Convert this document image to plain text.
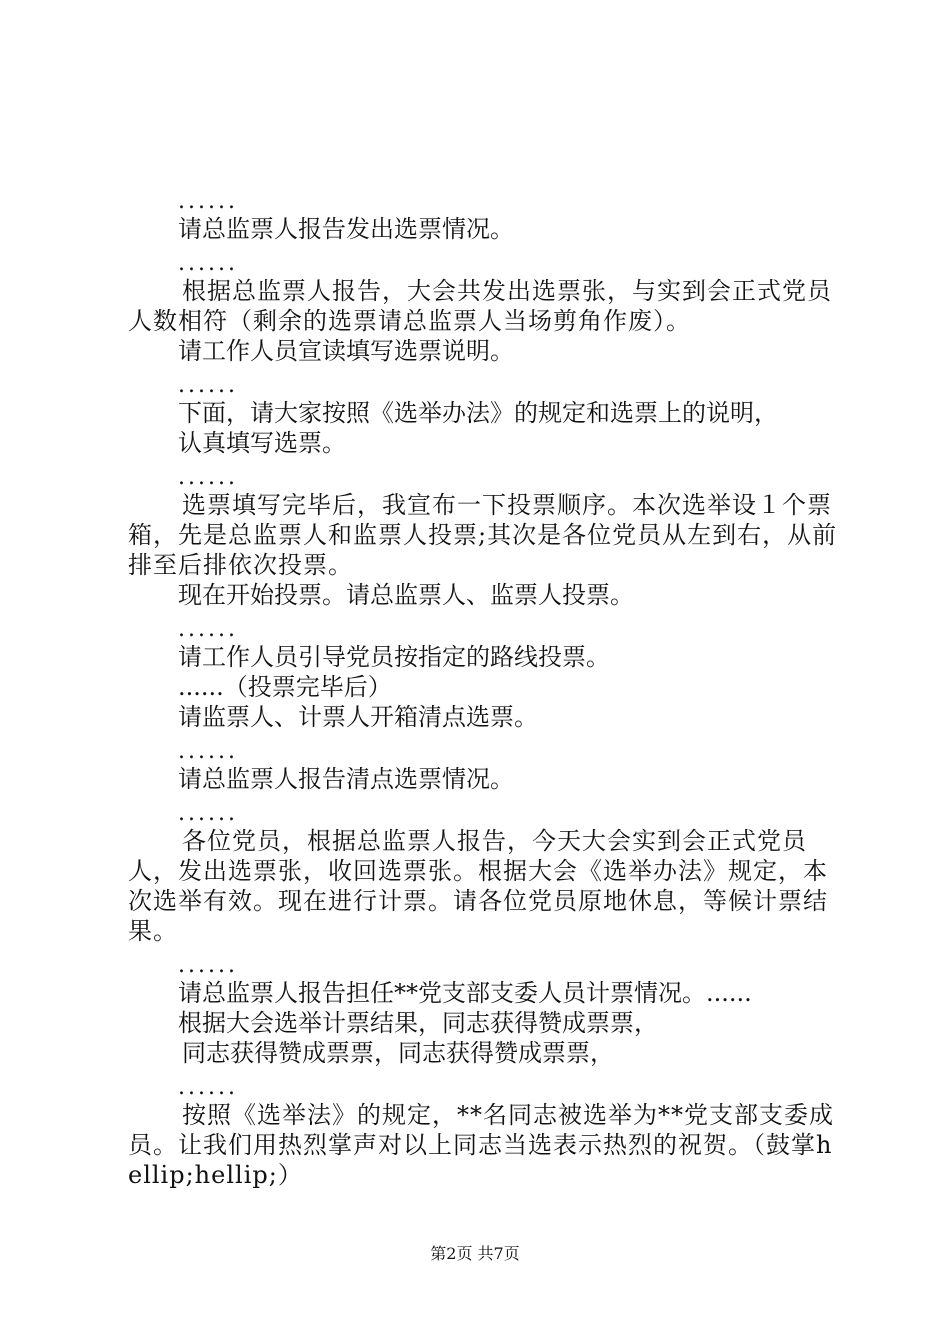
......

请总监票人报告发出选票情况。

......

根据总监票人报告，大会共发出选票张，与实到会正式党员人数相符（剩余的选票请总监票人当场剪角作废）。

请工作人员宣读填写选票说明。

......

下面，请大家按照《选举办法》的规定和选票上的说明，

认真填写选票。

......

选票填写完毕后，我宣布一下投票顺序。本次选举设１个票箱，先是总监票人和监票人投票;其次是各位党员从左到右，从前排至后排依次投票。

现在开始投票。请总监票人、监票人投票。

......

请工作人员引导党员按指定的路线投票。

......（投票完毕后）

请监票人、计票人开箱清点选票。

......

请总监票人报告清点选票情况。

......

各位党员，根据总监票人报告，今天大会实到会正式党员人，发出选票张，收回选票张。根据大会《选举办法》规定，本次选举有效。现在进行计票。请各位党员原地休息，等候计票结果。

......

请总监票人报告担任**党支部支委人员计票情况。......

根据大会选举计票结果，同志获得赞成票票，

同志获得赞成票票，同志获得赞成票票，

......

按照《选举法》的规定，**名同志被选举为**党支部支委成员。让我们用热烈掌声对以上同志当选表示热烈的祝贺。（鼓掌hellip;hellip;）

第2页 共7页
